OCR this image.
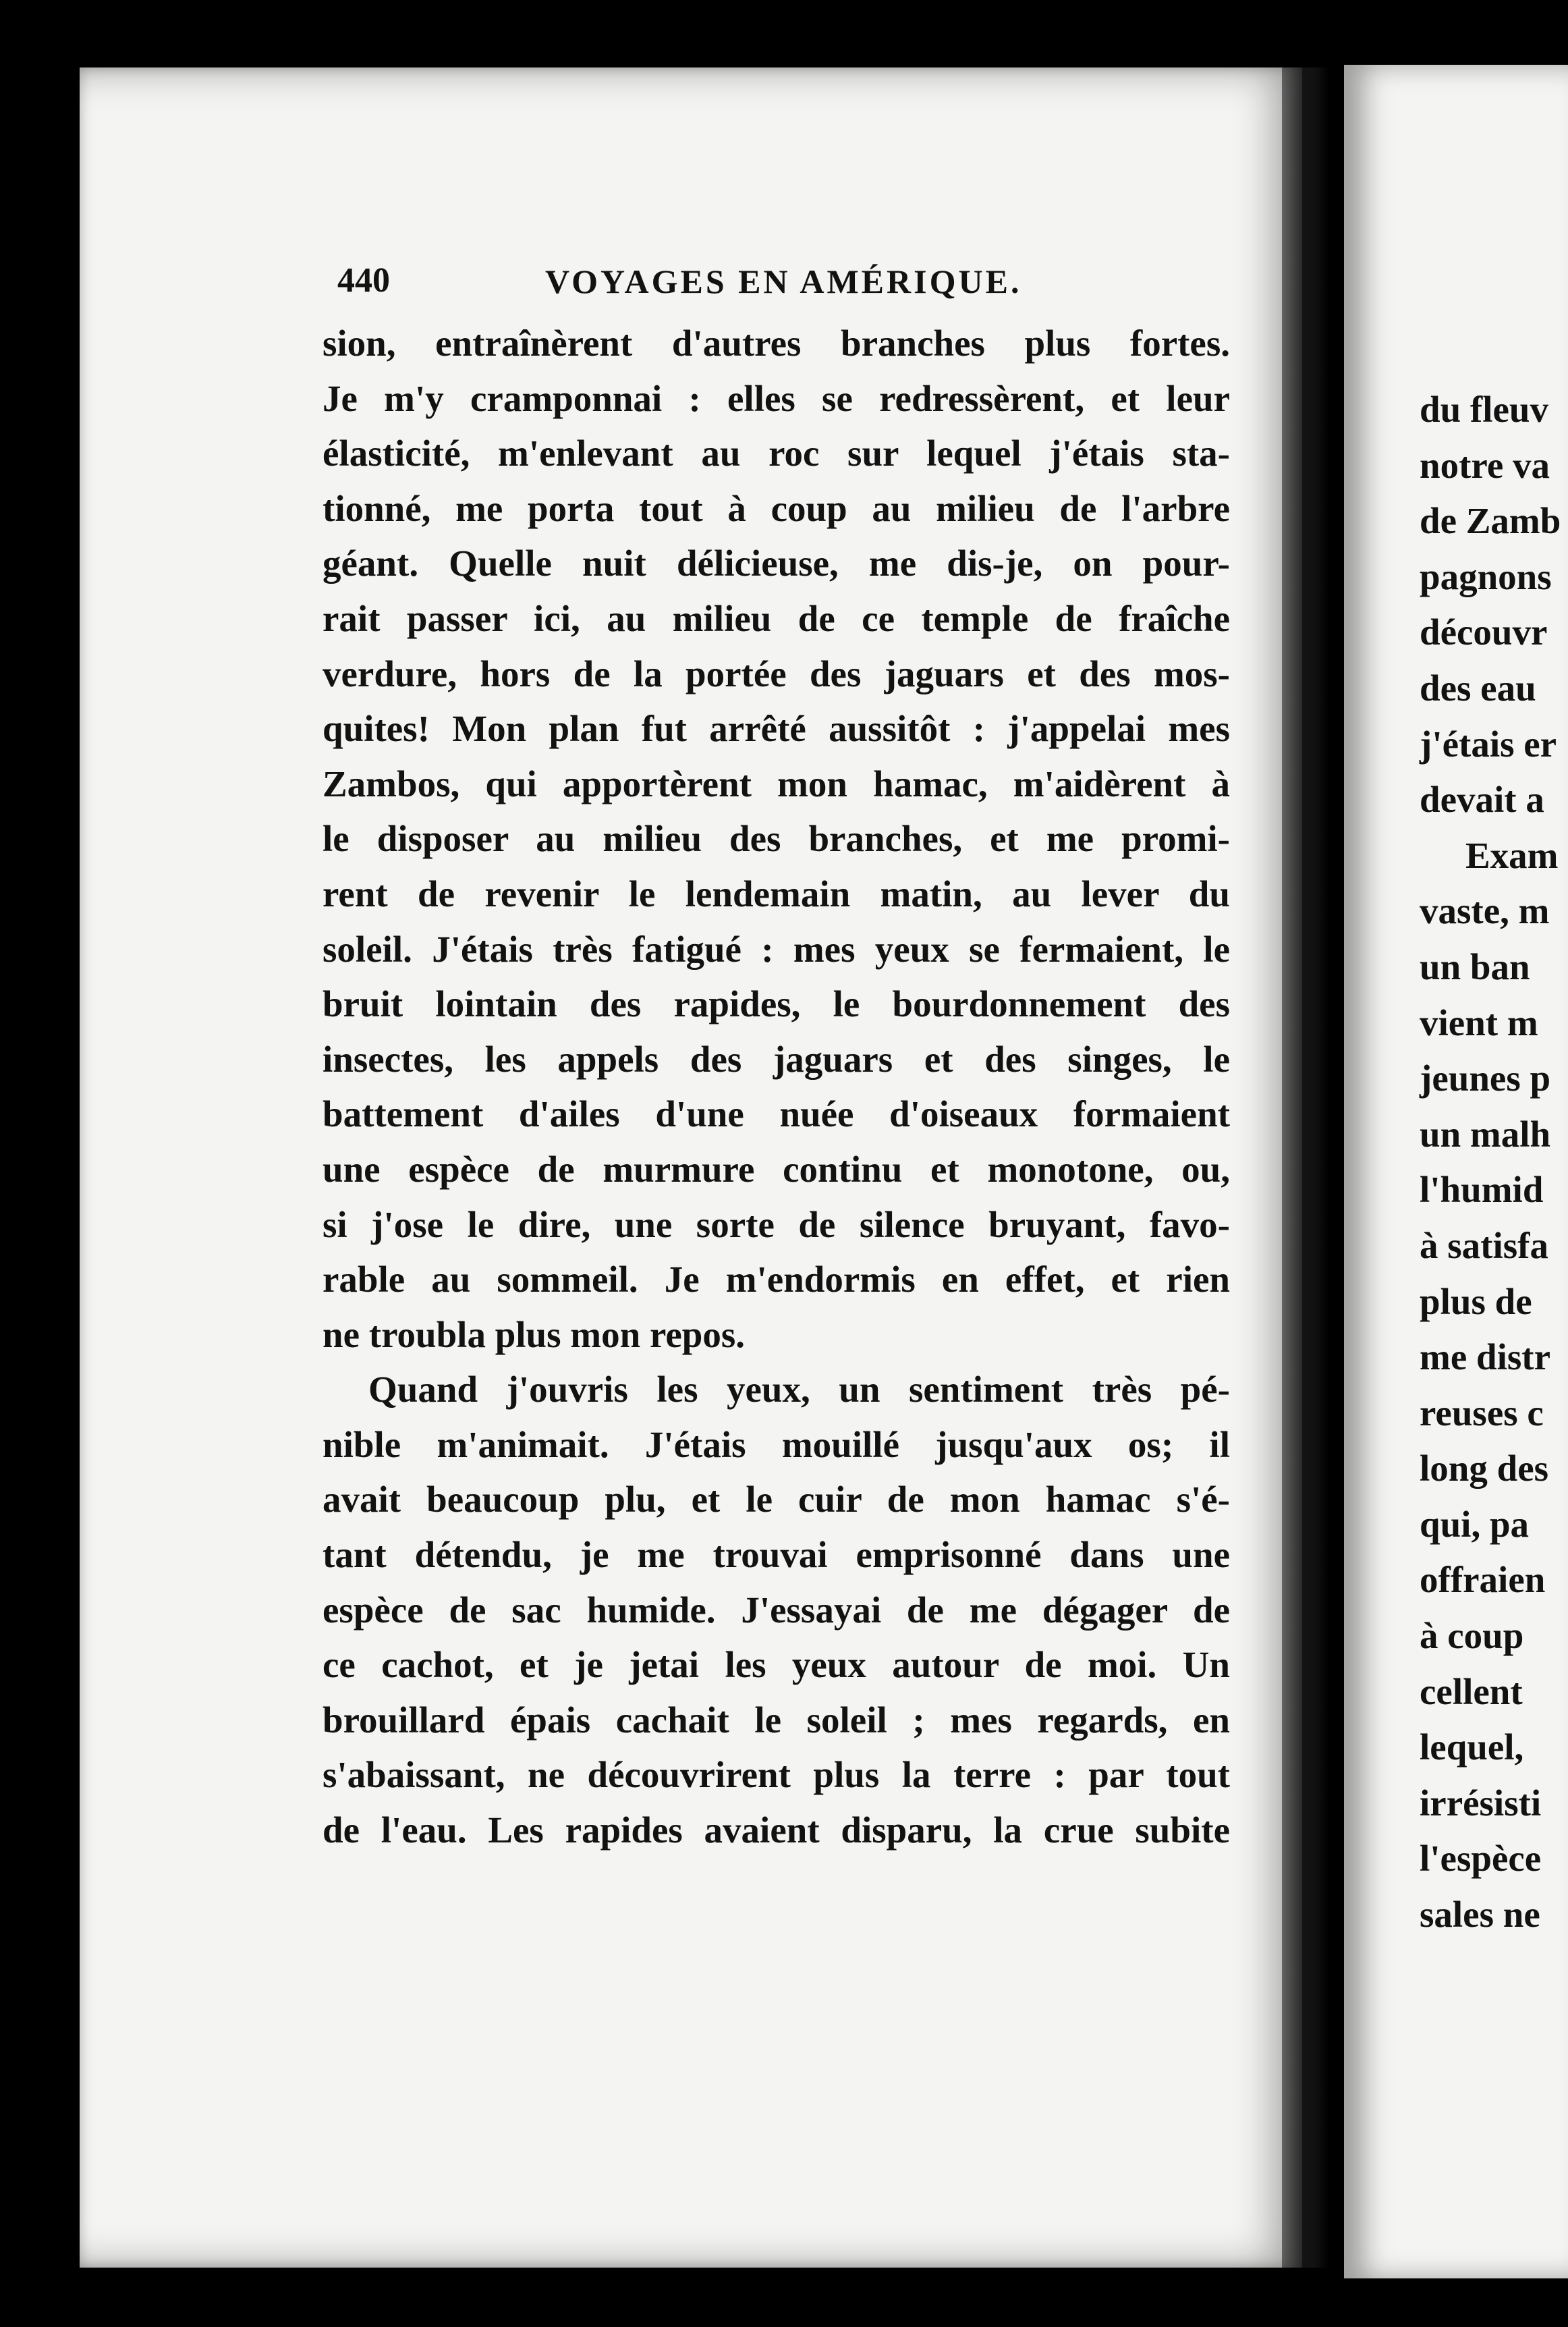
du fleuv
notre va
de Zamb
pagnons
découvr
des eau
j'étais er
devait a
Exam
vaste, m
un ban
vient m
jeunes p
un malh
l'humid
à satisfa
plus de
me distr
reuses c
long des
qui, pa
offraien
à coup
cellent
lequel,
irrésisti
l'espèce
sales ne
440	VOYAGES EN AMÉRIQUE.
sion, entraînèrent d'autres branches plus fortes.
Je m'y cramponnai : elles se redressèrent, et leur
élasticité, m'enlevant au roc sur lequel j'étais sta-
tionné, me porta tout à coup au milieu de l'arbre
géant. Quelle nuit délicieuse, me dis-je, on pour-
rait passer ici, au milieu de ce temple de fraîche
verdure, hors de la portée des jaguars et des mos-
quites! Mon plan fut arrêté aussitôt : j'appelai mes
Zambos, qui apportèrent mon hamac, m'aidèrent à
le disposer au milieu des branches, et me promi-
rent de revenir le lendemain matin, au lever du
soleil. J'étais très fatigué : mes yeux se fermaient, le
bruit lointain des rapides, le bourdonnement des
insectes, les appels des jaguars et des singes, le
battement d'ailes d'une nuée d'oiseaux formaient
une espèce de murmure continu et monotone, ou,
si j'ose le dire, une sorte de silence bruyant, favo-
rable au sommeil. Je m'endormis en effet, et rien
ne troubla plus mon repos.
Quand j'ouvris les yeux, un sentiment très pé-
nible m'animait. J'étais mouillé jusqu'aux os; il
avait beaucoup plu, et le cuir de mon hamac s'é-
tant détendu, je me trouvai emprisonné dans une
espèce de sac humide. J'essayai de me dégager de
ce cachot, et je jetai les yeux autour de moi. Un
brouillard épais cachait le soleil ; mes regards, en
s'abaissant, ne découvrirent plus la terre : par tout
de l'eau. Les rapides avaient disparu, la crue subite
